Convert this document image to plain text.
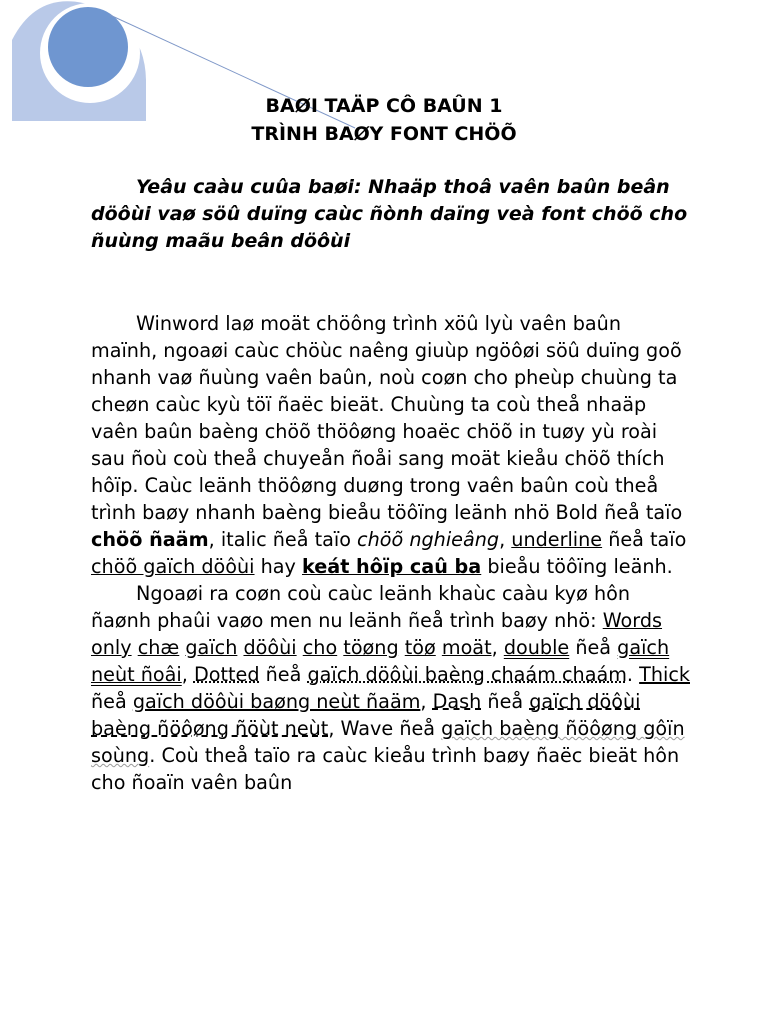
BAØI TAÄP CÔ BAÛN 1
TRÌNH BAØY FONT CHÖÕ

Yeâu caàu cuûa baøi: Nhaäp thoâ vaên baûn beân döôùi vaø söû duïng caùc ñònh daïng veà font chöõ cho ñuùng maãu beân döôùi

Winword laø moät chöông trình xöû lyù vaên baûn maïnh, ngoaøi caùc chöùc naêng giuùp ngöôøi söû duïng goõ nhanh vaø ñuùng vaên baûn, noù coøn cho pheùp chuùng ta cheøn caùc kyù töï ñaëc bieät. Chuùng ta coù theå nhaäp vaên baûn baèng chöõ thöôøng hoaëc chöõ in tuøy yù roài sau ñoù coù theå chuyeån ñoåi sang moät kieåu chöõ thích hôïp. Caùc leänh thöôøng duøng trong vaên baûn coù theå trình baøy nhanh baèng bieåu töôïng leänh nhö Bold ñeå taïo chöõ ñaäm, italic ñeå taïo chöõ nghieâng, underline ñeå taïo chöõ gaïch döôùi hay keát hôïp caû ba bieåu töôïng leänh.

Ngoaøi ra coøn coù caùc leänh khaùc caàu kyø hôn ñaønh phaûi vaøo men nu leänh ñeå trình baøy nhö: Words only chæ gaïch döôùi cho töøng töø moät, double ñeå gaïch neùt ñoâi, Dotted ñeå gaïch döôùi baèng chaám chaám. Thick ñeå gaïch döôùi baøng neùt ñaäm, Dash ñeå gaïch döôùi baèng ñöôøng ñöùt neùt, Wave ñeå gaïch baèng ñöôøng gôïn soùng. Coù theå taïo ra caùc kieåu trình baøy ñaëc bieät hôn cho ñoaïn vaên baûn
